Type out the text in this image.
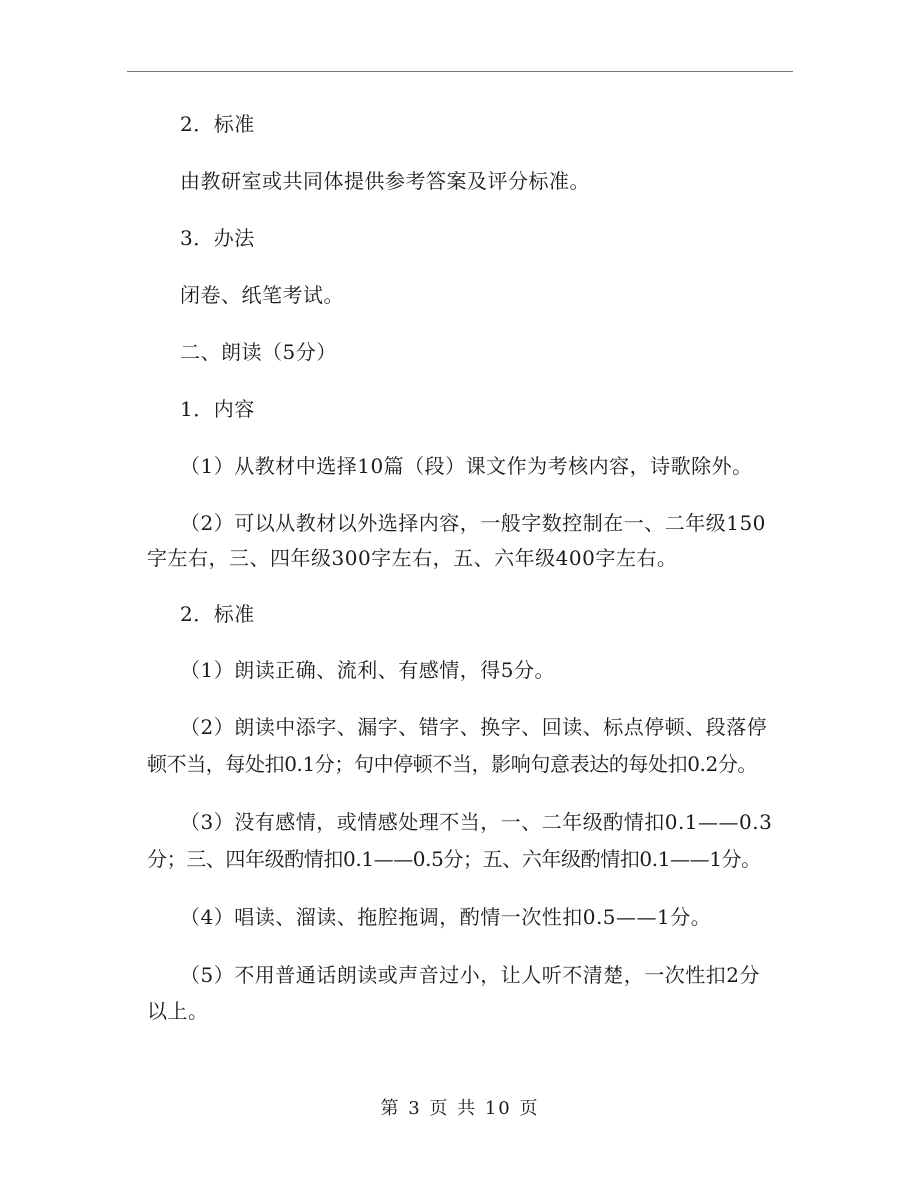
2．标准
由教研室或共同体提供参考答案及评分标准。
3．办法
闭卷、纸笔考试。
二、朗读（5分）
1．内容
（1）从教材中选择10篇（段）课文作为考核内容，诗歌除外。
（2）可以从教材以外选择内容，一般字数控制在一、二年级150
字左右，三、四年级300字左右，五、六年级400字左右。
2．标准
（1）朗读正确、流利、有感情，得5分。
（2）朗读中添字、漏字、错字、换字、回读、标点停顿、段落停
顿不当，每处扣0.1分；句中停顿不当，影响句意表达的每处扣0.2分。
（3）没有感情，或情感处理不当，一、二年级酌情扣0.1——0.3
分；三、四年级酌情扣0.1——0.5分；五、六年级酌情扣0.1——1分。
（4）唱读、溜读、拖腔拖调，酌情一次性扣0.5——1分。
（5）不用普通话朗读或声音过小，让人听不清楚，一次性扣2分
以上。
第 3 页 共 10 页
